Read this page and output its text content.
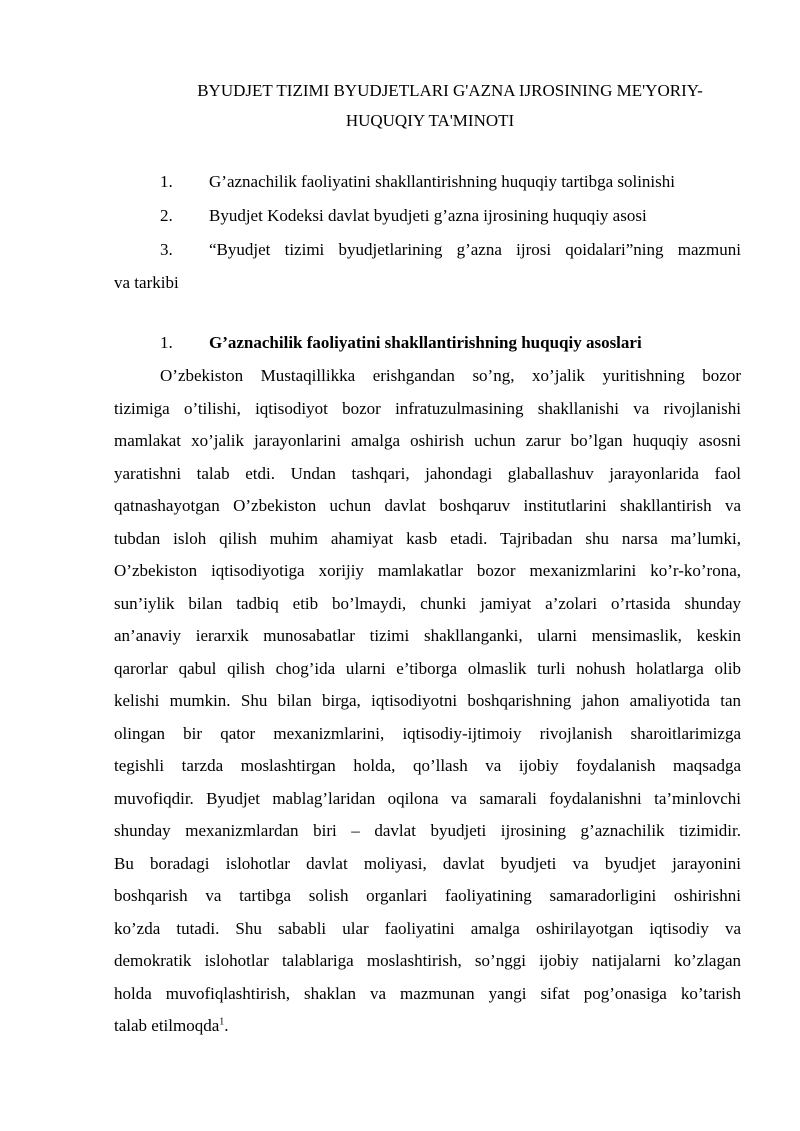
BYUDJET TIZIMI BYUDJETLARI G'AZNA IJROSINING ME'YORIY-
HUQUQIY TA'MINOTI
1. G’aznachilik faoliyatini shakllantirishning huquqiy tartibga solinishi
2. Byudjet Kodeksi davlat byudjeti g’azna ijrosining huquqiy asosi
3. “Byudjet tizimi byudjetlarining g’azna ijrosi qoidalari”ning mazmuni
va tarkibi
1. G’aznachilik faoliyatini shakllantirishning huquqiy asoslari
O’zbekiston Mustaqillikka erishgandan so’ng, xo’jalik yuritishning bozor
tizimiga o’tilishi, iqtisodiyot bozor infratuzulmasining shakllanishi va rivojlanishi
mamlakat xo’jalik jarayonlarini amalga oshirish uchun zarur bo’lgan huquqiy asosni
yaratishni talab etdi. Undan tashqari, jahondagi glaballashuv jarayonlarida faol
qatnashayotgan O’zbekiston uchun davlat boshqaruv institutlarini shakllantirish va
tubdan isloh qilish muhim ahamiyat kasb etadi. Tajribadan shu narsa ma’lumki,
O’zbekiston iqtisodiyotiga xorijiy mamlakatlar bozor mexanizmlarini ko’r-ko’rona,
sun’iylik bilan tadbiq etib bo’lmaydi, chunki jamiyat a’zolari o’rtasida shunday
an’anaviy ierarxik munosabatlar tizimi shakllanganki, ularni mensimaslik, keskin
qarorlar qabul qilish chog’ida ularni e’tiborga olmaslik turli nohush holatlarga olib
kelishi mumkin. Shu bilan birga, iqtisodiyotni boshqarishning jahon amaliyotida tan
olingan bir qator mexanizmlarini, iqtisodiy-ijtimoiy rivojlanish sharoitlarimizga
tegishli tarzda moslashtirgan holda, qo’llash va ijobiy foydalanish maqsadga
muvofiqdir. Byudjet mablag’laridan oqilona va samarali foydalanishni ta’minlovchi
shunday mexanizmlardan biri – davlat byudjeti ijrosining g’aznachilik tizimidir.
Bu boradagi islohotlar davlat moliyasi, davlat byudjeti va byudjet jarayonini
boshqarish va tartibga solish organlari faoliyatining samaradorligini oshirishni
ko’zda tutadi. Shu sababli ular faoliyatini amalga oshirilayotgan iqtisodiy va
demokratik islohotlar talablariga moslashtirish, so’nggi ijobiy natijalarni ko’zlagan
holda muvofiqlashtirish, shaklan va mazmunan yangi sifat pog’onasiga ko’tarish
talab etilmoqda$^1$.
